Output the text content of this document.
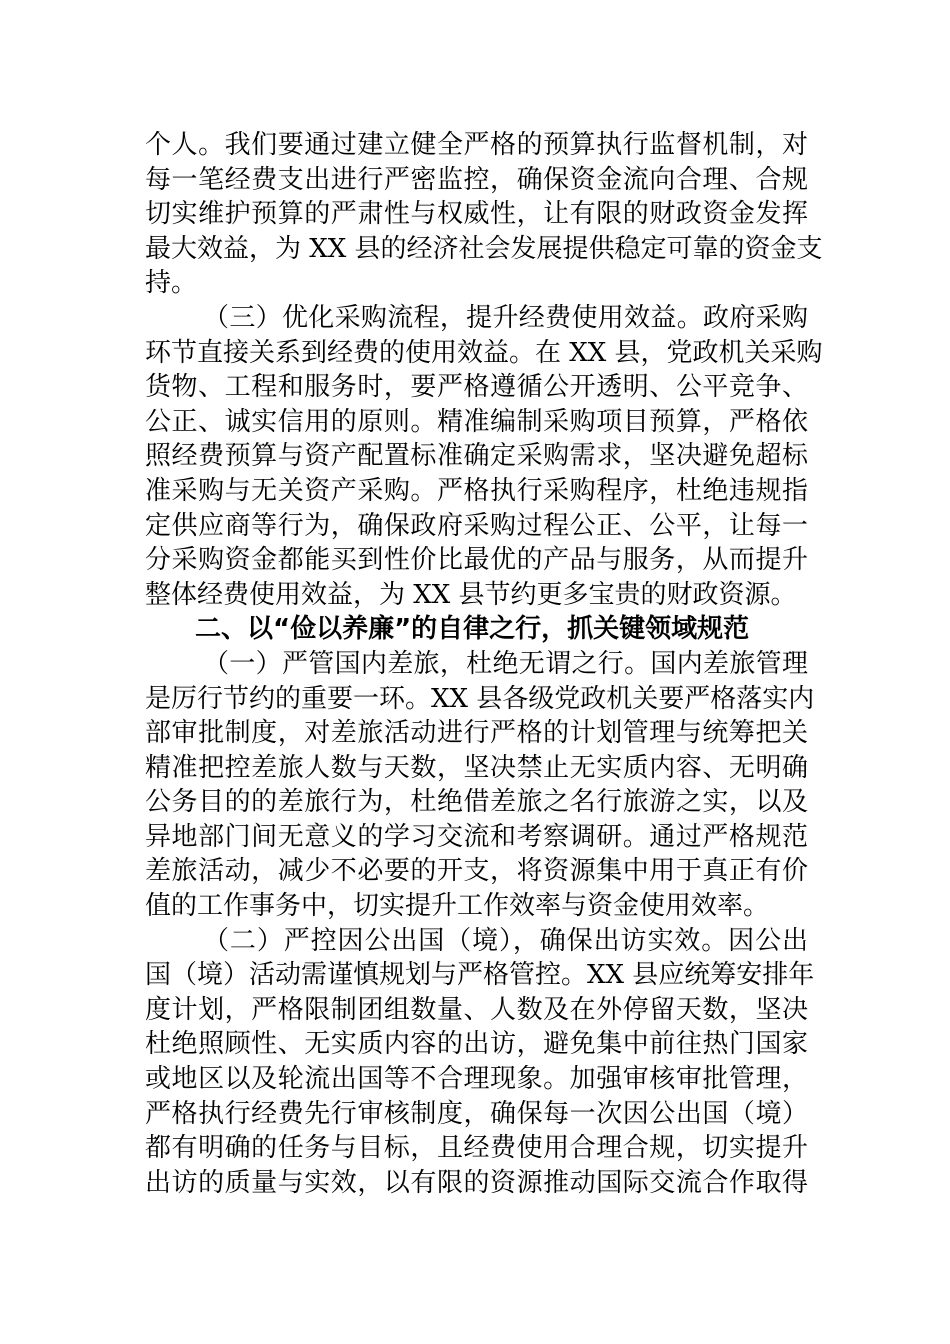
个人。我们要通过建立健全严格的预算执行监督机制，对
每一笔经费支出进行严密监控，确保资金流向合理、合规
切实维护预算的严肃性与权威性，让有限的财政资金发挥
最大效益，为 XX 县的经济社会发展提供稳定可靠的资金支
持。
（三）优化采购流程，提升经费使用效益。政府采购
环节直接关系到经费的使用效益。在 XX 县，党政机关采购
货物、工程和服务时，要严格遵循公开透明、公平竞争、
公正、诚实信用的原则。精准编制采购项目预算，严格依
照经费预算与资产配置标准确定采购需求，坚决避免超标
准采购与无关资产采购。严格执行采购程序，杜绝违规指
定供应商等行为，确保政府采购过程公正、公平，让每一
分采购资金都能买到性价比最优的产品与服务，从而提升
整体经费使用效益，为 XX 县节约更多宝贵的财政资源。
二、以“俭以养廉”的自律之行，抓关键领域规范
（一）严管国内差旅，杜绝无谓之行。国内差旅管理
是厉行节约的重要一环。XX 县各级党政机关要严格落实内
部审批制度，对差旅活动进行严格的计划管理与统筹把关
精准把控差旅人数与天数，坚决禁止无实质内容、无明确
公务目的的差旅行为，杜绝借差旅之名行旅游之实，以及
异地部门间无意义的学习交流和考察调研。通过严格规范
差旅活动，减少不必要的开支，将资源集中用于真正有价
值的工作事务中，切实提升工作效率与资金使用效率。
（二）严控因公出国（境），确保出访实效。因公出
国（境）活动需谨慎规划与严格管控。XX 县应统筹安排年
度计划，严格限制团组数量、人数及在外停留天数，坚决
杜绝照顾性、无实质内容的出访，避免集中前往热门国家
或地区以及轮流出国等不合理现象。加强审核审批管理，
严格执行经费先行审核制度，确保每一次因公出国（境）
都有明确的任务与目标，且经费使用合理合规，切实提升
出访的质量与实效，以有限的资源推动国际交流合作取得
